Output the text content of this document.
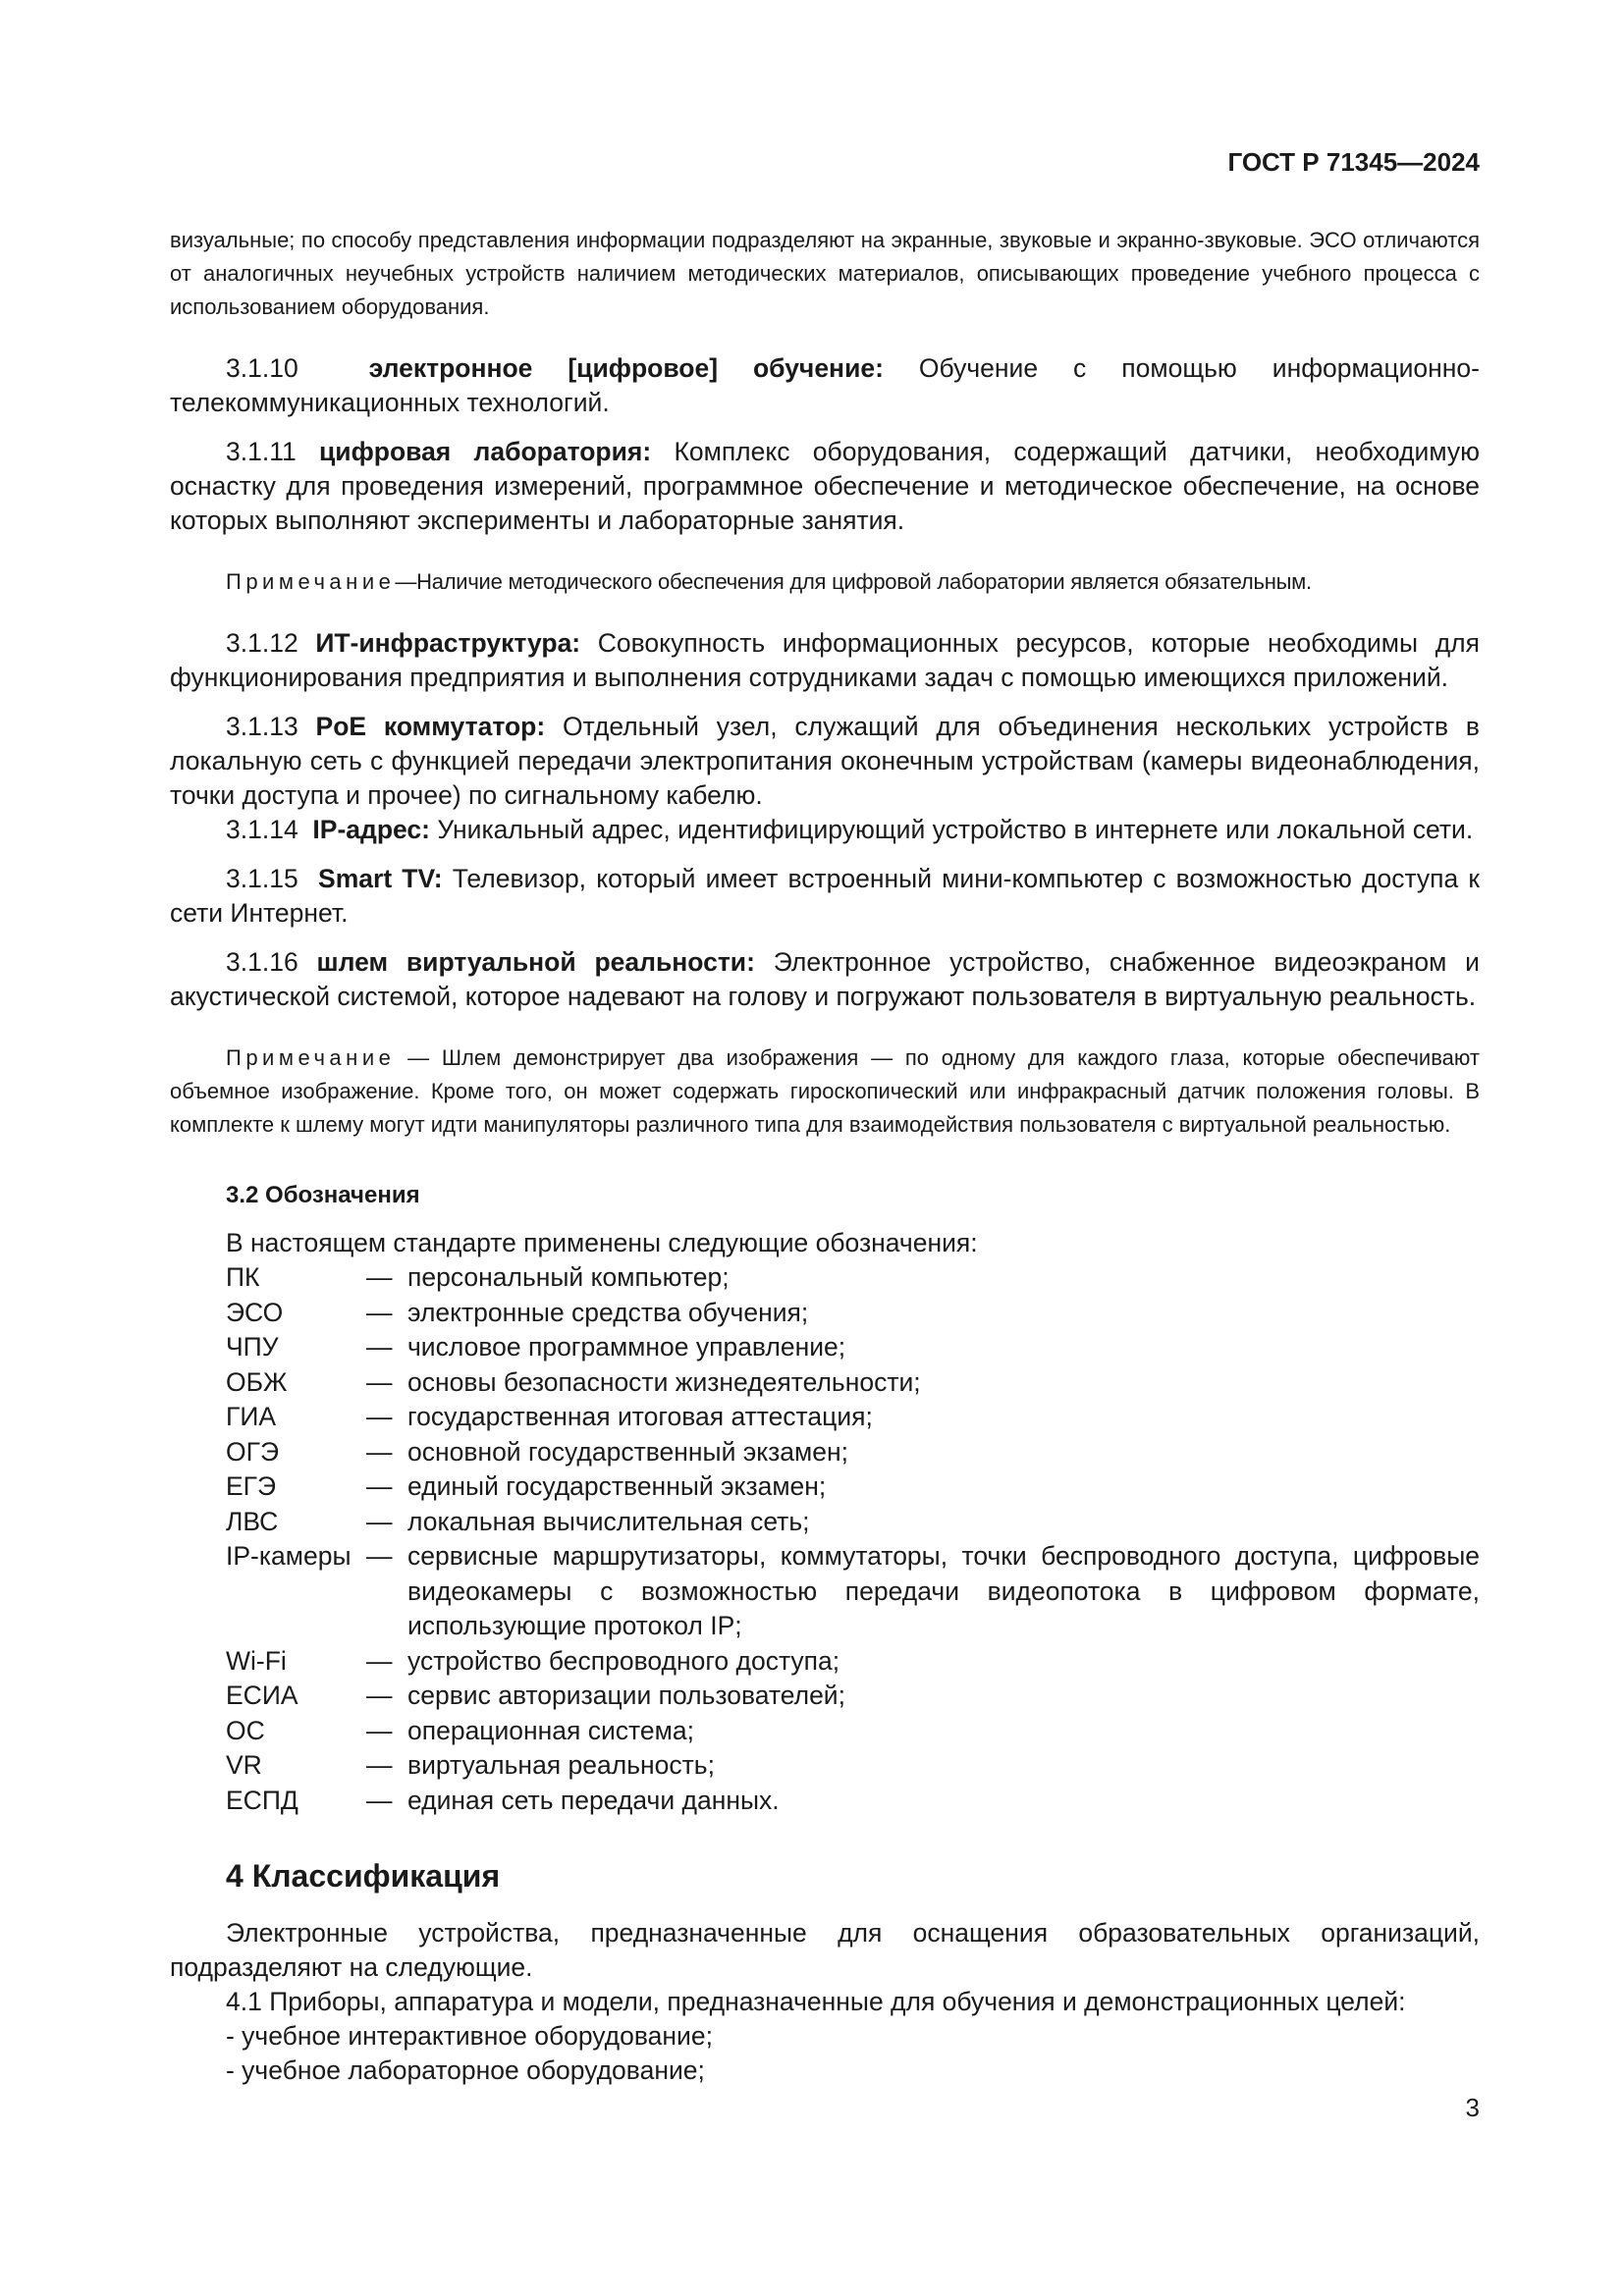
ГОСТ Р 71345—2024

визуальные; по способу представления информации подразделяют на экранные, звуковые и экранно-звуковые. ЭСО отличаются от аналогичных неучебных устройств наличием методических материалов, описывающих проведение учебного процесса с использованием оборудования.

3.1.10	электронное [цифровое] обучение: Обучение с помощью информационно-телекоммуникационных технологий.

3.1.11 цифровая лаборатория: Комплекс оборудования, содержащий датчики, необходимую оснастку для проведения измерений, программное обеспечение и методическое обеспечение, на основе которых выполняют эксперименты и лабораторные занятия.

Примечание—Наличие методического обеспечения для цифровой лаборатории является обязательным.

3.1.12 ИТ-инфраструктура: Совокупность информационных ресурсов, которые необходимы для функционирования предприятия и выполнения сотрудниками задач с помощью имеющихся приложений.

3.1.13 PoE коммутатор: Отдельный узел, служащий для объединения нескольких устройств в локальную сеть с функцией передачи электропитания оконечным устройствам (камеры видеонаблюдения, точки доступа и прочее) по сигнальному кабелю.

3.1.14 IP-адрес: Уникальный адрес, идентифицирующий устройство в интернете или локальной сети.

3.1.15 Smart TV: Телевизор, который имеет встроенный мини-компьютер с возможностью доступа к сети Интернет.

3.1.16 шлем виртуальной реальности: Электронное устройство, снабженное видеоэкраном и акустической системой, которое надевают на голову и погружают пользователя в виртуальную реальность.

Примечание — Шлем демонстрирует два изображения — по одному для каждого глаза, которые обеспечивают объемное изображение. Кроме того, он может содержать гироскопический или инфракрасный датчик положения головы. В комплекте к шлему могут идти манипуляторы различного типа для взаимодействия пользователя с виртуальной реальностью.

3.2 Обозначения

В настоящем стандарте применены следующие обозначения:

ПК	— персональный компьютер;
ЭСО	— электронные средства обучения;
ЧПУ	— числовое программное управление;
ОБЖ	— основы безопасности жизнедеятельности;
ГИА	— государственная итоговая аттестация;
ОГЭ	— основной государственный экзамен;
ЕГЭ	— единый государственный экзамен;
ЛВС	— локальная вычислительная сеть;
IP-камеры — сервисные маршрутизаторы, коммутаторы, точки беспроводного доступа, цифровые видеокамеры с возможностью передачи видеопотока в цифровом формате, использующие протокол IP;
Wi-Fi	— устройство беспроводного доступа;
ЕСИА	— сервис авторизации пользователей;
ОС	— операционная система;
VR	— виртуальная реальность;
ЕСПД	— единая сеть передачи данных.
4 Классификация

Электронные устройства, предназначенные для оснащения образовательных организаций, подразделяют на следующие.

4.1 Приборы, аппаратура и модели, предназначенные для обучения и демонстрационных целей:

- учебное интерактивное оборудование;

- учебное лабораторное оборудование;

3
